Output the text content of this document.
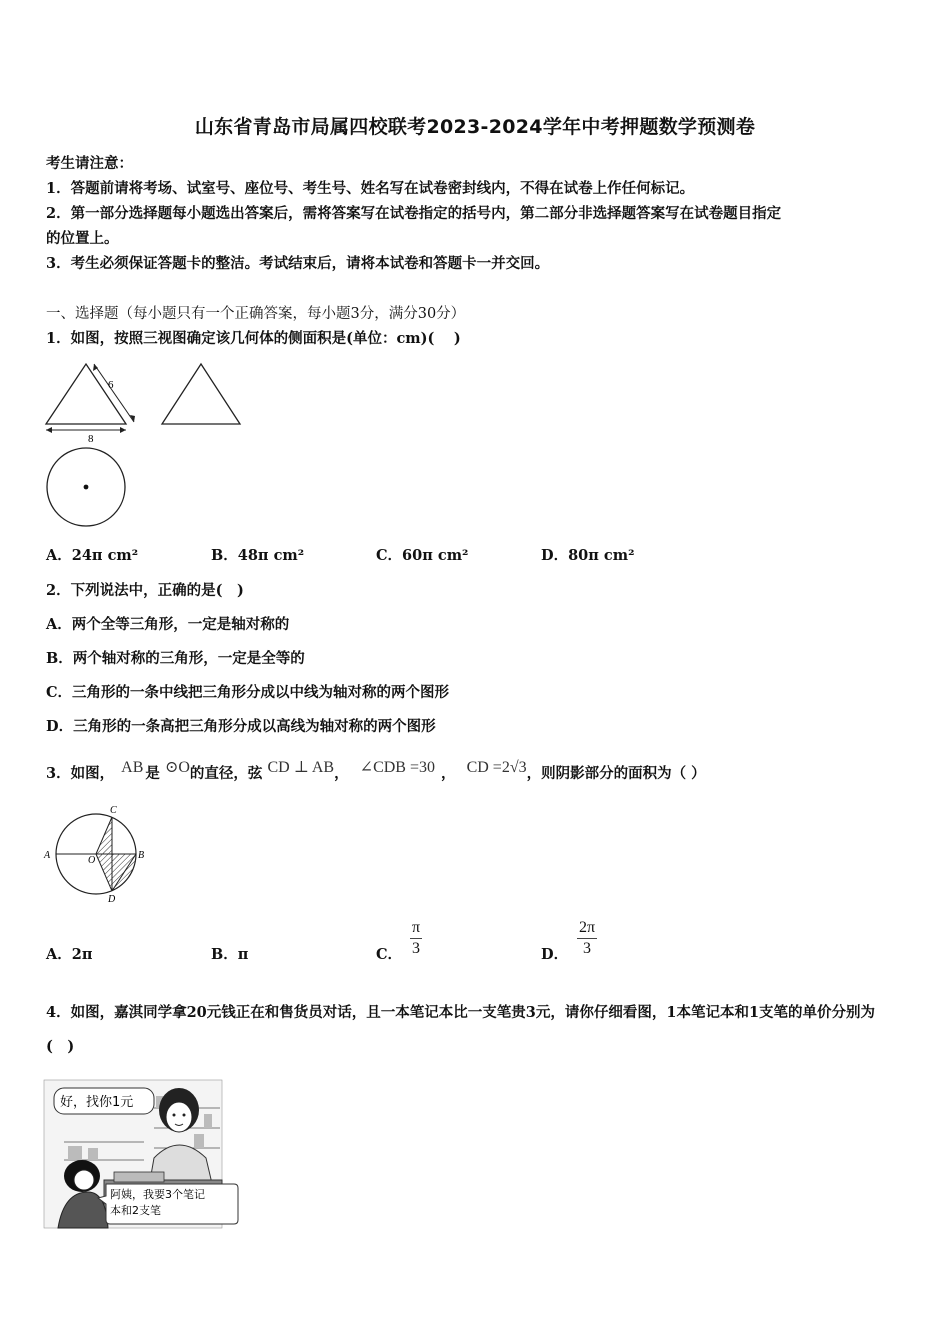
山东省青岛市局属四校联考2023-2024学年中考押题数学预测卷
考生请注意：
1．答题前请将考场、试室号、座位号、考生号、姓名写在试卷密封线内，不得在试卷上作任何标记。
2．第一部分选择题每小题选出答案后，需将答案写在试卷指定的括号内，第二部分非选择题答案写在试卷题目指定
的位置上。
3．考生必须保证答题卡的整洁。考试结束后，请将本试卷和答题卡一并交回。
一、选择题（每小题只有一个正确答案，每小题3分，满分30分）
1．如图，按照三视图确定该几何体的侧面积是(单位：cm)(　 )
6
8
A．24π cm²	B．48π cm²	C．60π cm²	D．80π cm²
2．下列说法中，正确的是(　)
A．两个全等三角形，一定是轴对称的
B．两个轴对称的三角形，一定是全等的
C．三角形的一条中线把三角形分成以中线为轴对称的两个图形
D．三角形的一条高把三角形分成以高线为轴对称的两个图形
3．如图， AB 是 ⊙O的直径，弦 CD ⊥ AB， ∠CDB =30 ， CD =2√3，则阴影部分的面积为（ ）
A	B
C
D
O
A．2π	B．π	C． $\frac{\pi}{3}$	D． $\frac{2\pi}{3}$
4．如图，嘉淇同学拿20元钱正在和售货员对话，且一本笔记本比一支笔贵3元，请你仔细看图，1本笔记本和1支笔的单价分别为(　)
好，找你1元
阿姨，我要3个笔记
本和2支笔
